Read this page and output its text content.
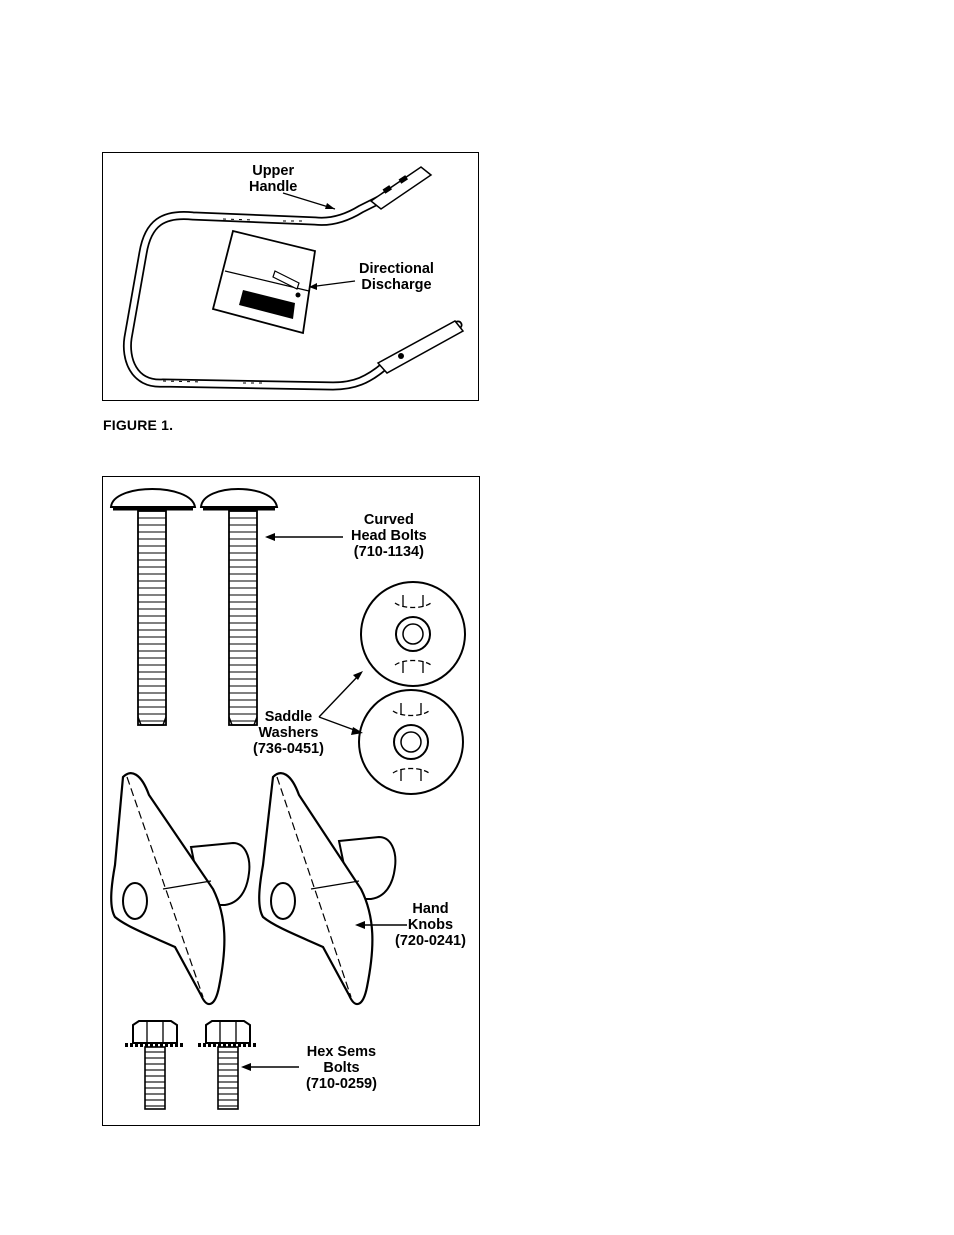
Upper
Handle
Directional
Discharge
FIGURE 1.
Curved
Head Bolts
(710-1134)
Saddle
Washers
(736-0451)
Hand
Knobs
(720-0241)
Hex Sems
Bolts
(710-0259)
